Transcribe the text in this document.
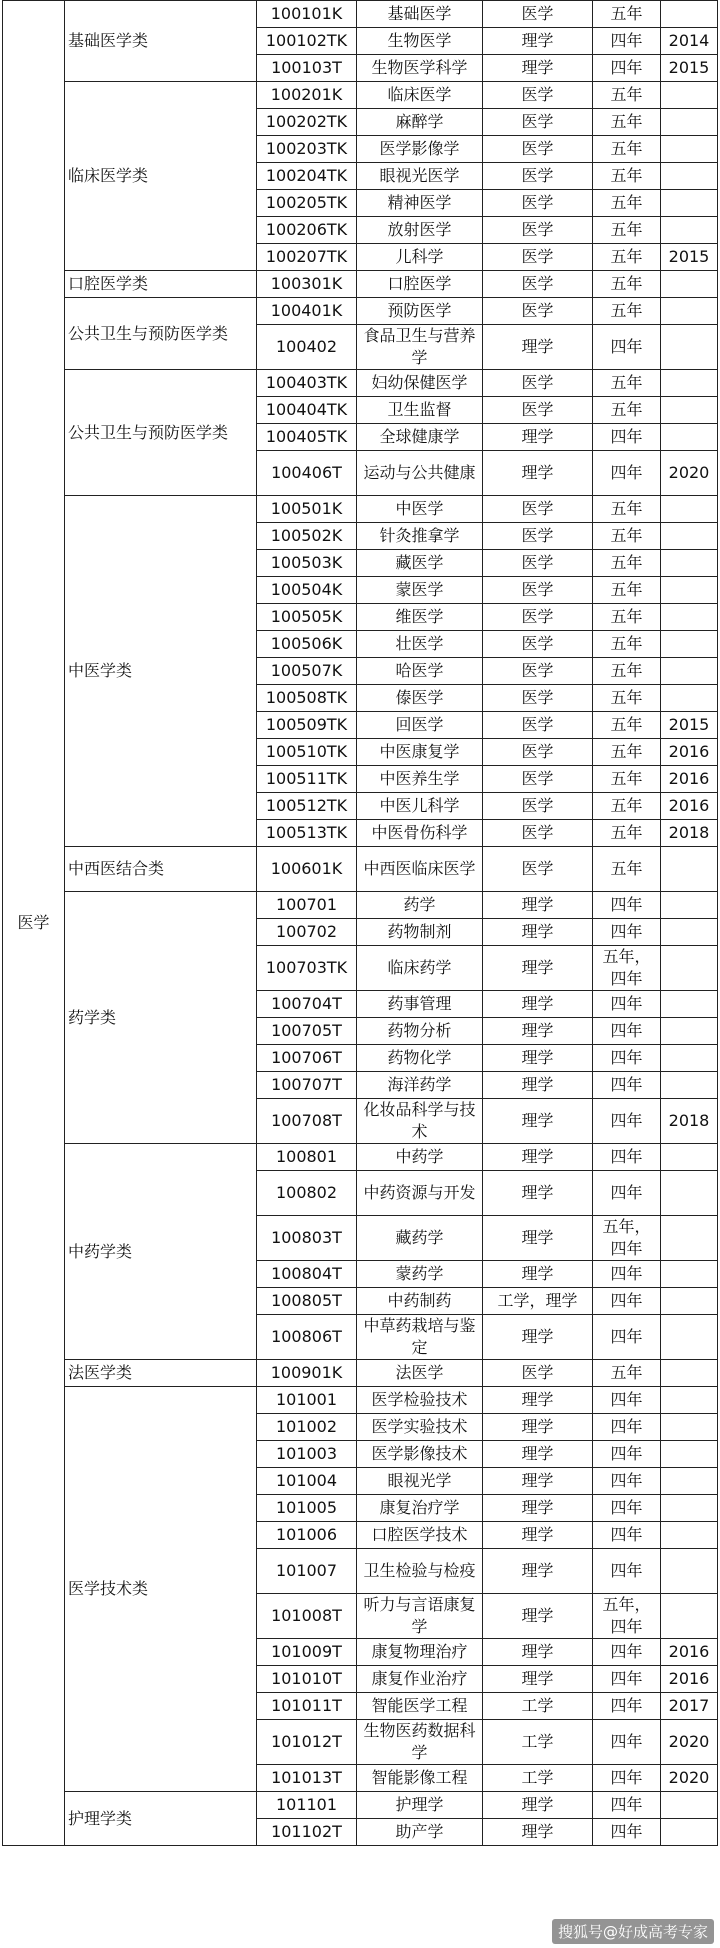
医学	基础医学类	100101K	基础医学	医学	五年	
		100102TK	生物医学	理学	四年	2014
		100103T	生物医学科学	理学	四年	2015
	临床医学类	100201K	临床医学	医学	五年	
		100202TK	麻醉学	医学	五年	
		100203TK	医学影像学	医学	五年	
		100204TK	眼视光医学	医学	五年	
		100205TK	精神医学	医学	五年	
		100206TK	放射医学	医学	五年	
		100207TK	儿科学	医学	五年	2015
	口腔医学类	100301K	口腔医学	医学	五年	
	公共卫生与预防医学类	100401K	预防医学	医学	五年	
		100402	食品卫生与营养学	理学	四年	
	公共卫生与预防医学类	100403TK	妇幼保健医学	医学	五年	
		100404TK	卫生监督	医学	五年	
		100405TK	全球健康学	理学	四年	
		100406T	运动与公共健康	理学	四年	2020
	中医学类	100501K	中医学	医学	五年	
		100502K	针灸推拿学	医学	五年	
		100503K	藏医学	医学	五年	
		100504K	蒙医学	医学	五年	
		100505K	维医学	医学	五年	
		100506K	壮医学	医学	五年	
		100507K	哈医学	医学	五年	
		100508TK	傣医学	医学	五年	
		100509TK	回医学	医学	五年	2015
		100510TK	中医康复学	医学	五年	2016
		100511TK	中医养生学	医学	五年	2016
		100512TK	中医儿科学	医学	五年	2016
		100513TK	中医骨伤科学	医学	五年	2018
	中西医结合类	100601K	中西医临床医学	医学	五年	
	药学类	100701	药学	理学	四年	
		100702	药物制剂	理学	四年	
		100703TK	临床药学	理学	五年，四年	
		100704T	药事管理	理学	四年	
		100705T	药物分析	理学	四年	
		100706T	药物化学	理学	四年	
		100707T	海洋药学	理学	四年	
		100708T	化妆品科学与技术	理学	四年	2018
	中药学类	100801	中药学	理学	四年	
		100802	中药资源与开发	理学	四年	
		100803T	藏药学	理学	五年，四年	
		100804T	蒙药学	理学	四年	
		100805T	中药制药	工学，理学	四年	
		100806T	中草药栽培与鉴定	理学	四年	
	法医学类	100901K	法医学	医学	五年	
	医学技术类	101001	医学检验技术	理学	四年	
		101002	医学实验技术	理学	四年	
		101003	医学影像技术	理学	四年	
		101004	眼视光学	理学	四年	
		101005	康复治疗学	理学	四年	
		101006	口腔医学技术	理学	四年	
		101007	卫生检验与检疫	理学	四年	
		101008T	听力与言语康复学	理学	五年，四年	
		101009T	康复物理治疗	理学	四年	2016
		101010T	康复作业治疗	理学	四年	2016
		101011T	智能医学工程	工学	四年	2017
		101012T	生物医药数据科学	工学	四年	2020
		101013T	智能影像工程	工学	四年	2020
	护理学类	101101	护理学	理学	四年	
		101102T	助产学	理学	四年	
搜狐号@好成高考专家
